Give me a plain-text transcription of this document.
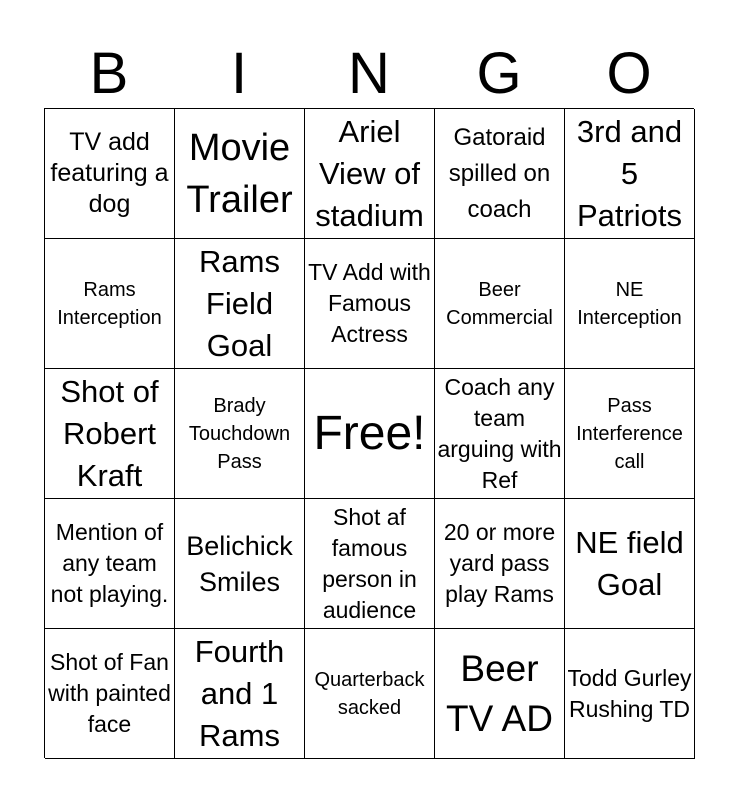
B	I	N	G	O
TV add featuring a dog
Movie Trailer
Ariel View of stadium
Gatoraid spilled on coach
3rd and 5 Patriots
Rams Interception
Rams Field Goal
TV Add with Famous Actress
Beer Commercial
NE Interception
Shot of Robert Kraft
Brady Touchdown Pass
Free!
Coach any team arguing with Ref
Pass Interference call
Mention of any team not playing.
Belichick Smiles
Shot af famous person in audience
20 or more yard pass play Rams
NE field Goal
Shot of Fan with painted face
Fourth and 1 Rams
Quarterback sacked
Beer TV AD
Todd Gurley Rushing TD
